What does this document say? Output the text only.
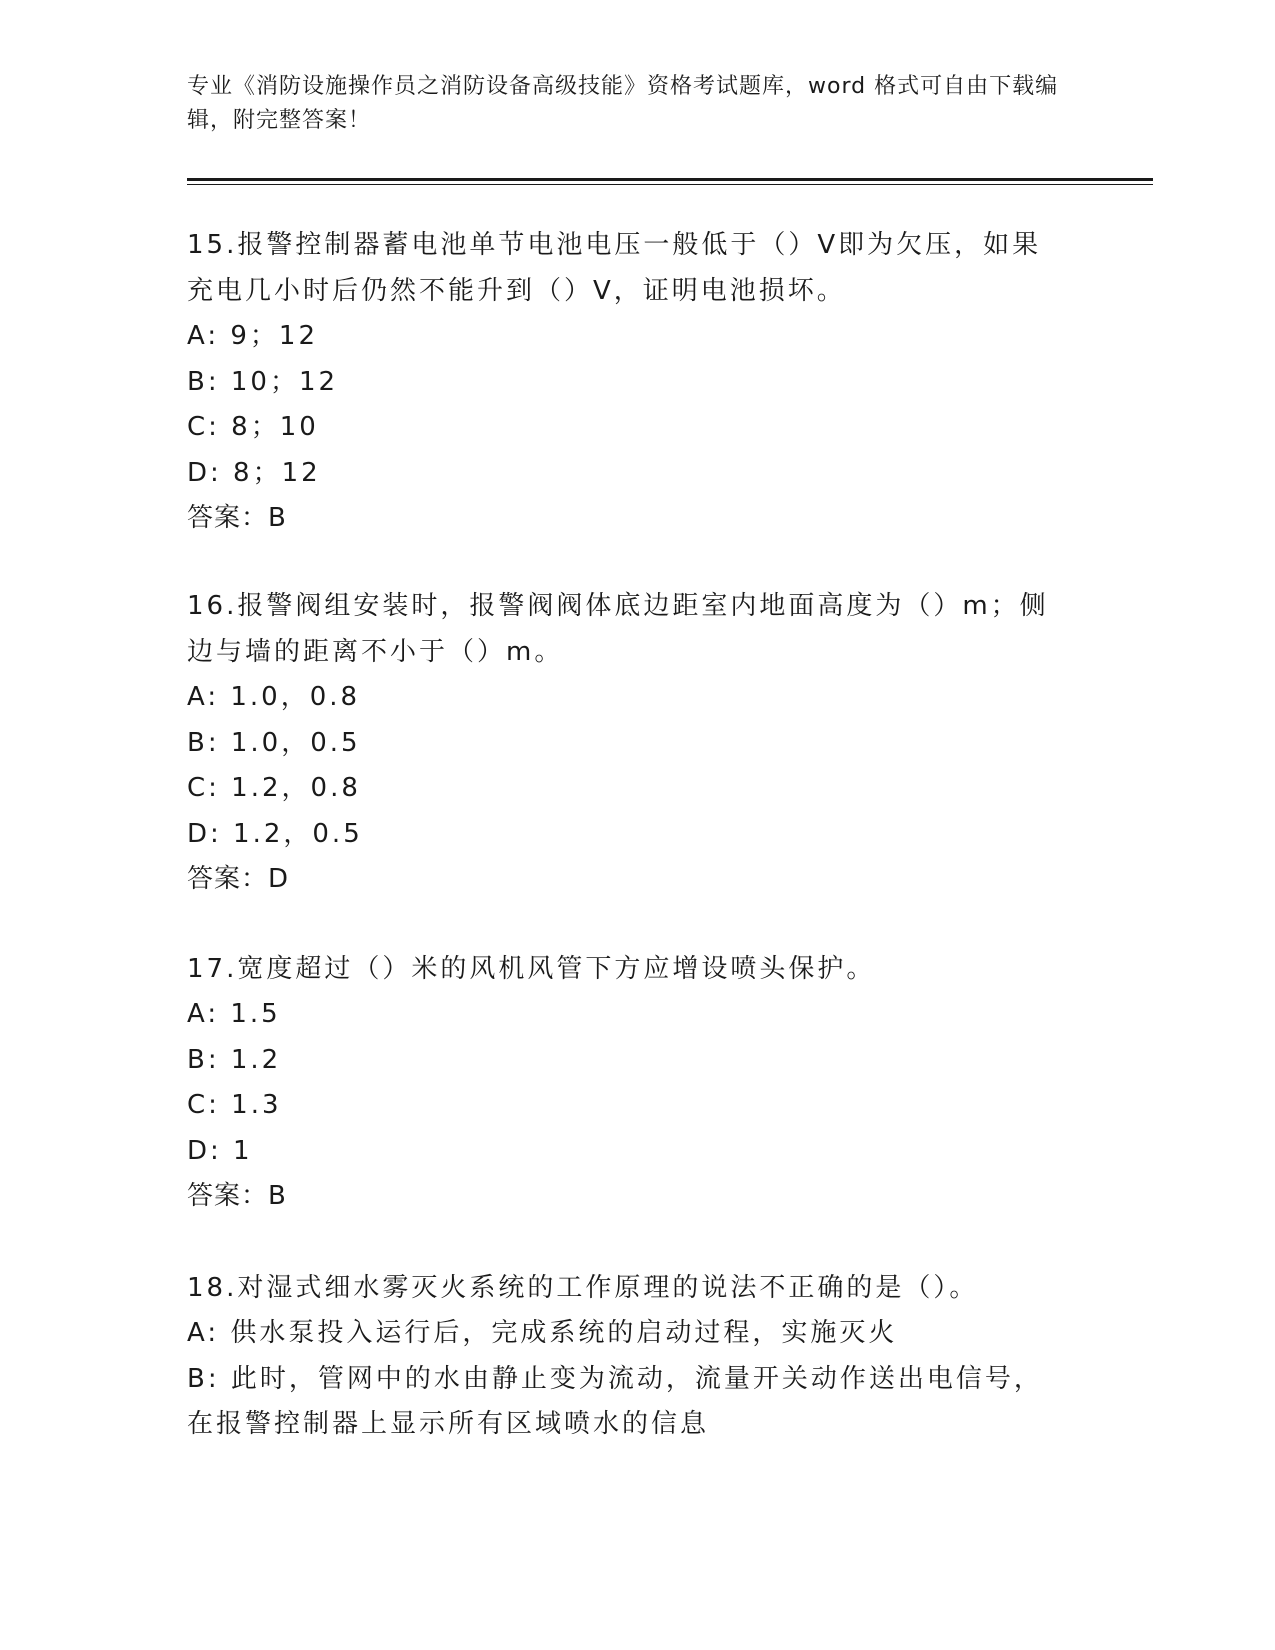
专业《消防设施操作员之消防设备高级技能》资格考试题库，word 格式可自由下载编辑，附完整答案！

15.报警控制器蓄电池单节电池电压一般低于（）V即为欠压，如果充电几小时后仍然不能升到（）V，证明电池损坏。

A: 9；12

B: 10；12

C: 8；10

D: 8；12

答案：B

16.报警阀组安装时，报警阀阀体底边距室内地面高度为（）m；侧边与墙的距离不小于（）m。

A: 1.0，0.8

B: 1.0，0.5

C: 1.2，0.8

D: 1.2，0.5

答案：D

17.宽度超过（）米的风机风管下方应增设喷头保护。

A: 1.5

B: 1.2

C: 1.3

D: 1

答案：B

18.对湿式细水雾灭火系统的工作原理的说法不正确的是（）。

A: 供水泵投入运行后，完成系统的启动过程，实施灭火

B: 此时，管网中的水由静止变为流动，流量开关动作送出电信号，在报警控制器上显示所有区域喷水的信息
